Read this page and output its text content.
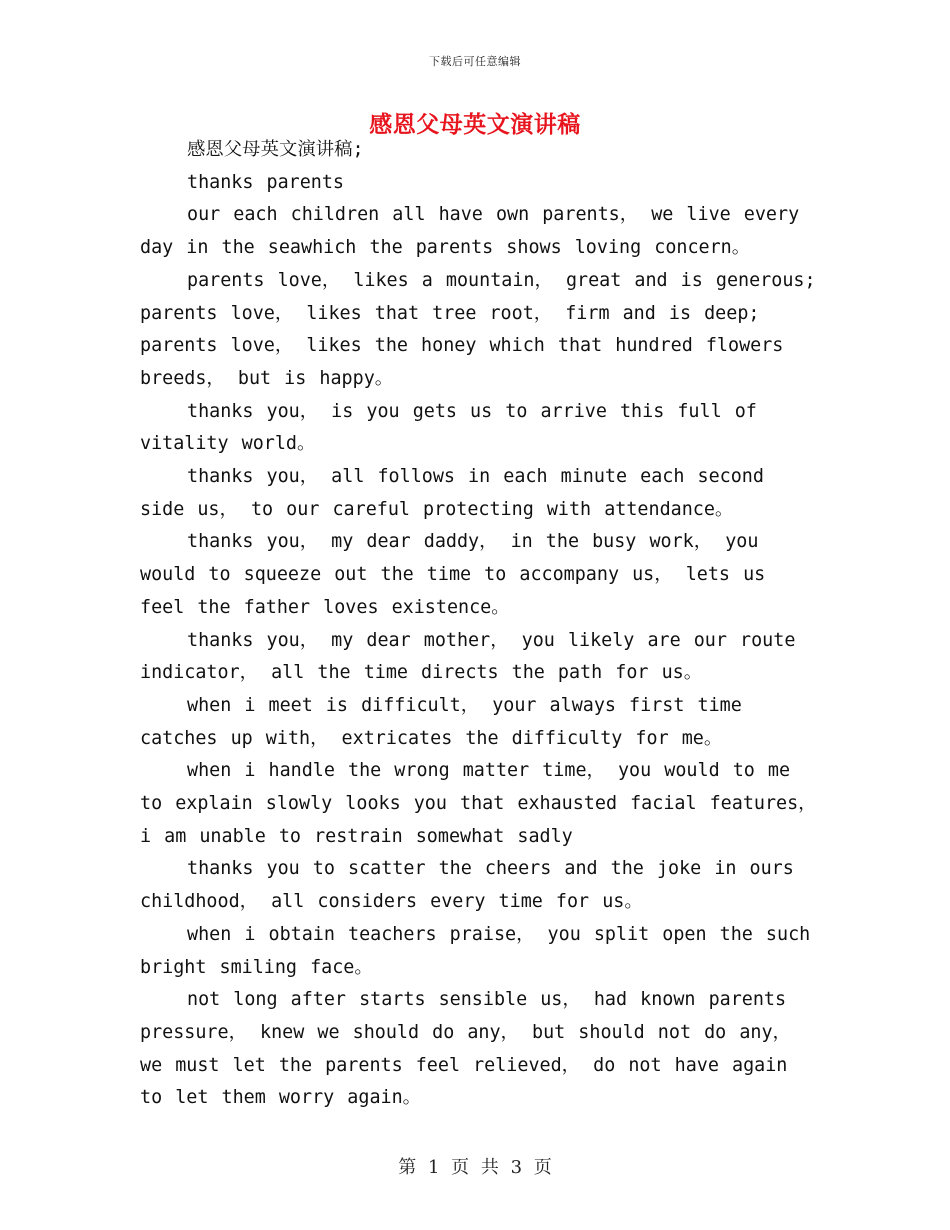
下载后可任意编辑
感恩父母英文演讲稿

感恩父母英文演讲稿;

thanks parents

our each children all have own parents， we live every day in the seawhich the parents shows loving concern。

parents love， likes a mountain， great and is generous; parents love， likes that tree root， firm and is deep; parents love， likes the honey which that hundred flowers breeds， but is happy。

thanks you， is you gets us to arrive this full of vitality world。

thanks you， all follows in each minute each second side us， to our careful protecting with attendance。

thanks you， my dear daddy， in the busy work， you would to squeeze out the time to accompany us， lets us feel the father loves existence。

thanks you， my dear mother， you likely are our route indicator， all the time directs the path for us。

when i meet is difficult， your always first time catches up with， extricates the difficulty for me。

when i handle the wrong matter time， you would to me to explain slowly looks you that exhausted facial features， i am unable to restrain somewhat sadly

thanks you to scatter the cheers and the joke in ours childhood， all considers every time for us。

when i obtain teachers praise， you split open the such bright smiling face。

not long after starts sensible us， had known parents pressure， knew we should do any， but should not do any， we must let the parents feel relieved， do not have again to let them worry again。

第 1 页 共 3 页
